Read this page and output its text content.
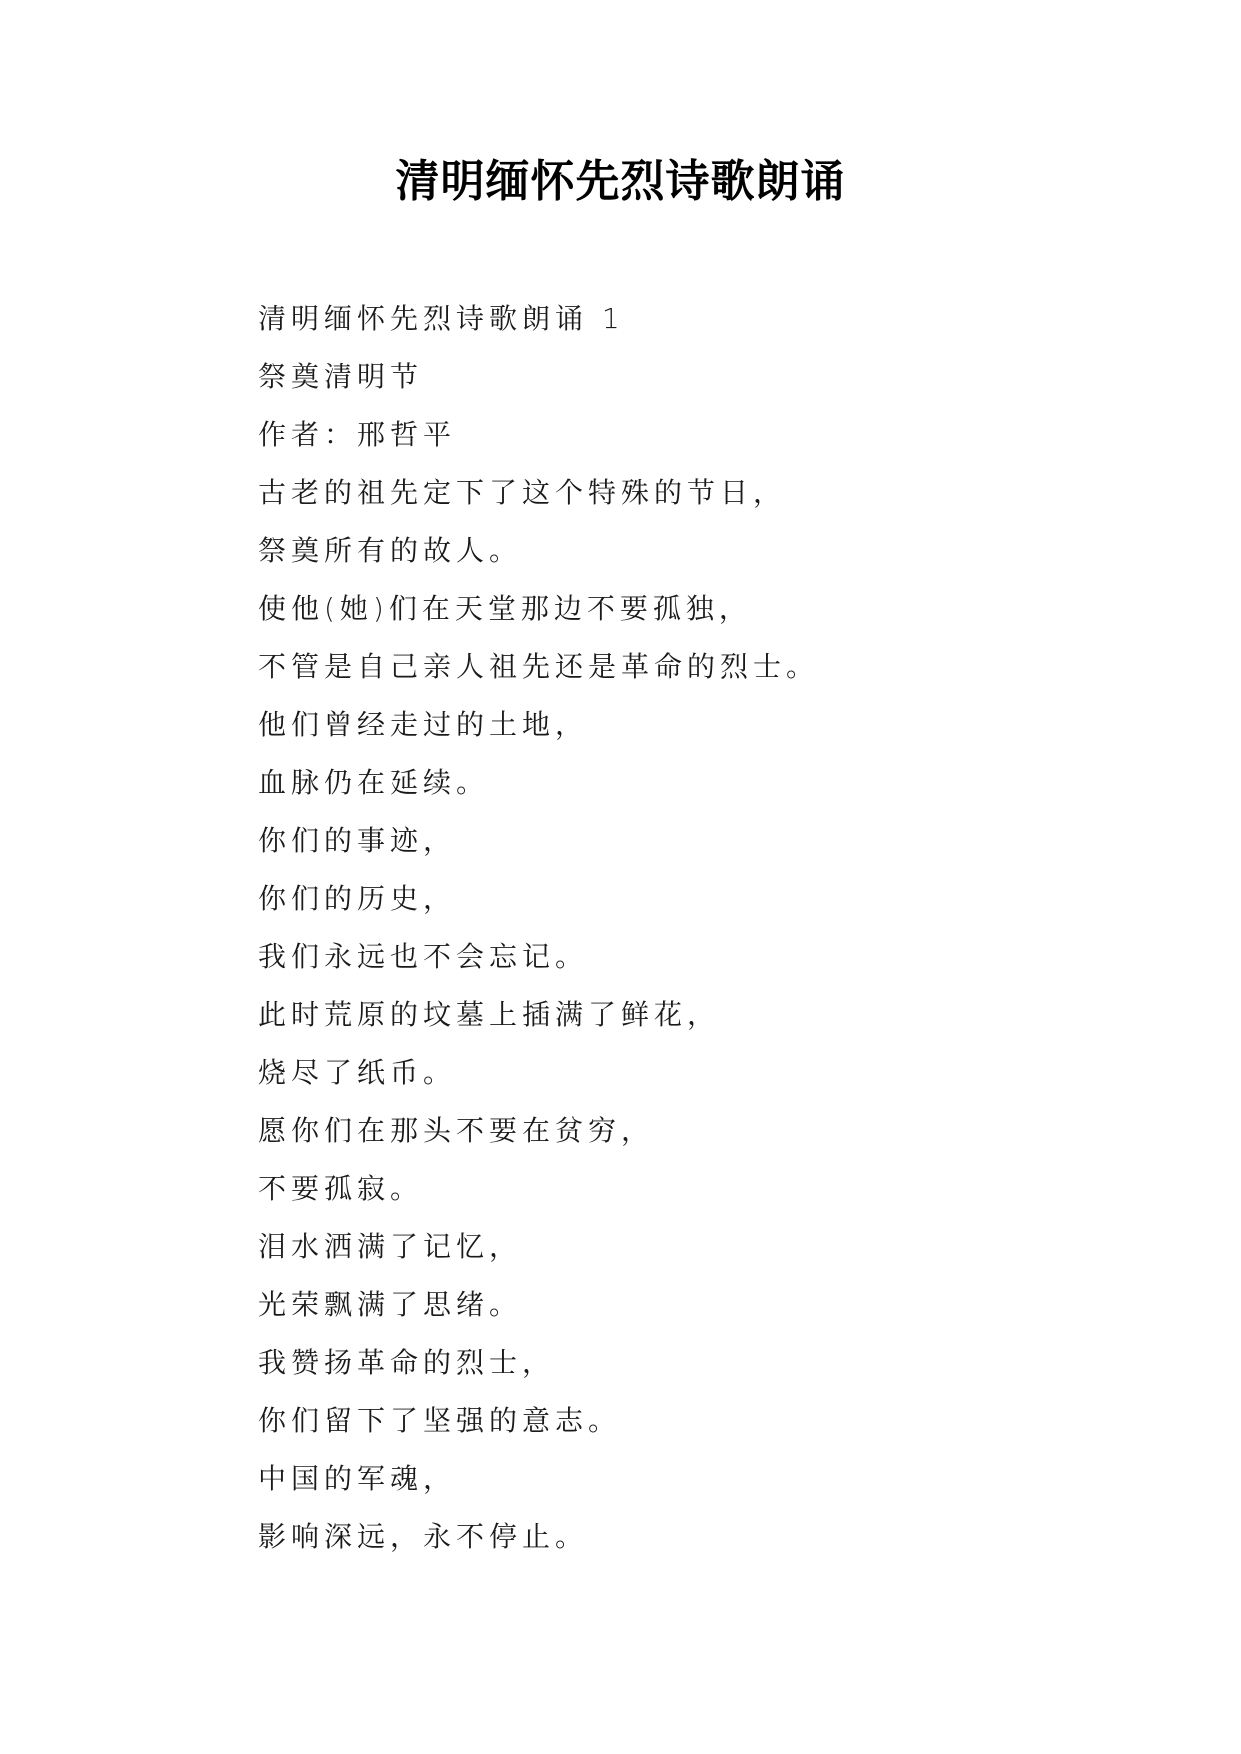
清明缅怀先烈诗歌朗诵
清明缅怀先烈诗歌朗诵 1
祭奠清明节
作者：邢哲平
古老的祖先定下了这个特殊的节日，
祭奠所有的故人。
使他(她)们在天堂那边不要孤独，
不管是自己亲人祖先还是革命的烈士。
他们曾经走过的土地，
血脉仍在延续。
你们的事迹，
你们的历史，
我们永远也不会忘记。
此时荒原的坟墓上插满了鲜花，
烧尽了纸币。
愿你们在那头不要在贫穷，
不要孤寂。
泪水洒满了记忆，
光荣飘满了思绪。
我赞扬革命的烈士，
你们留下了坚强的意志。
中国的军魂，
影响深远，永不停止。
